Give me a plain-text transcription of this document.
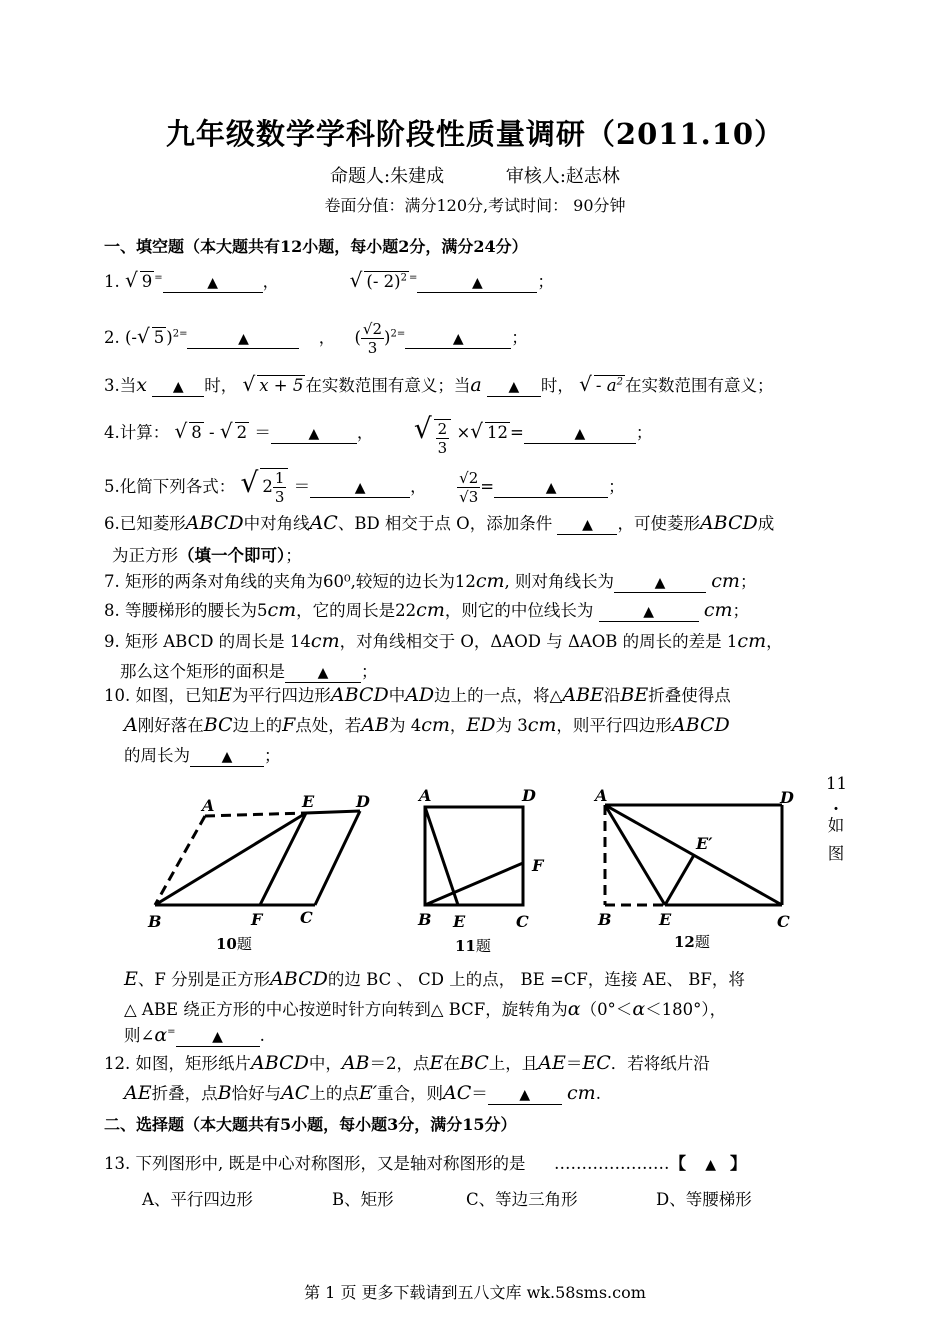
九年级数学学科阶段性质量调研（2011.10）
命题人:朱建成	审核人:赵志林
卷面分值：满分120分,考试时间： 90分钟
一、填空题（本大题共有12小题，每小题2分，满分24分）
1. √ 9 =	▲	，	√ (- 2)$^2$ =	▲	；
2. (-√ 5 )$^{2=}$	▲	， ( $\frac{√2}{3} )^{2=}$	▲	；
3.当x ▲ 时， √ x + 5 在实数范围有意义；当a ▲ 时， √ - $a^2$ 在实数范围有意义；
4.计算： √ 8 - √ 2 ＝	▲ ， √ $\frac{2}{3}$ ×√ 12 =	▲	；
5.化简下列各式： √ $2 \frac{1}{3}$ ＝	▲	， $\frac{√2}{√3}$ =	▲	；
6.已知菱形ABCD中对角线AC、BD 相交于点 O，添加条件 ▲ ，可使菱形ABCD成
为正方形（填一个即可）；
7. 矩形的两条对角线的夹角为60⁰,较短的边长为12cm, 则对角线长为	▲ cm；
8. 等腰梯形的腰长为5cm，它的周长是22cm，则它的中位线长为	▲	cm；
9. 矩形 ABCD 的周长是 14cm，对角线相交于 O，ΔAOD 与 ΔAOB 的周长的差是 1cm，
那么这个矩形的面积是 ▲ ；
10. 如图，已知E为平行四边形ABCD中AD边上的一点，将△ABE沿BE折叠使得点
A刚好落在BC边上的F点处，若AB为 4cm，ED为 3cm，则平行四边形ABCD
的周长为 ▲ ；
11
.
如
图
A	E	D
B	F C
10题
A	D
F
B E	C
11题
A	D
E′
B	E	C
12题
E、F 分别是正方形ABCD的边 BC 、 CD 上的点， BE =CF，连接 AE、 BF，将
△ ABE 绕正方形的中心按逆时针方向转到△ BCF，旋转角为α（0°＜α＜180°），
则∠α=	▲ .
12. 如图，矩形纸片ABCD中，AB＝2，点E在BC上，且AE＝EC．若将纸片沿
AE折叠，点B恰好与AC上的点E′重合，则AC＝ ▲ cm.
二、选择题（本大题共有5小题，每小题3分，满分15分）
13. 下列图形中, 既是中心对称图形，又是轴对称图形的是 …………………【 ▲ 】
A、平行四边形	B、矩形	C、等边三角形	D、等腰梯形
第 1 页 更多下载请到五八文库 wk.58sms.com
